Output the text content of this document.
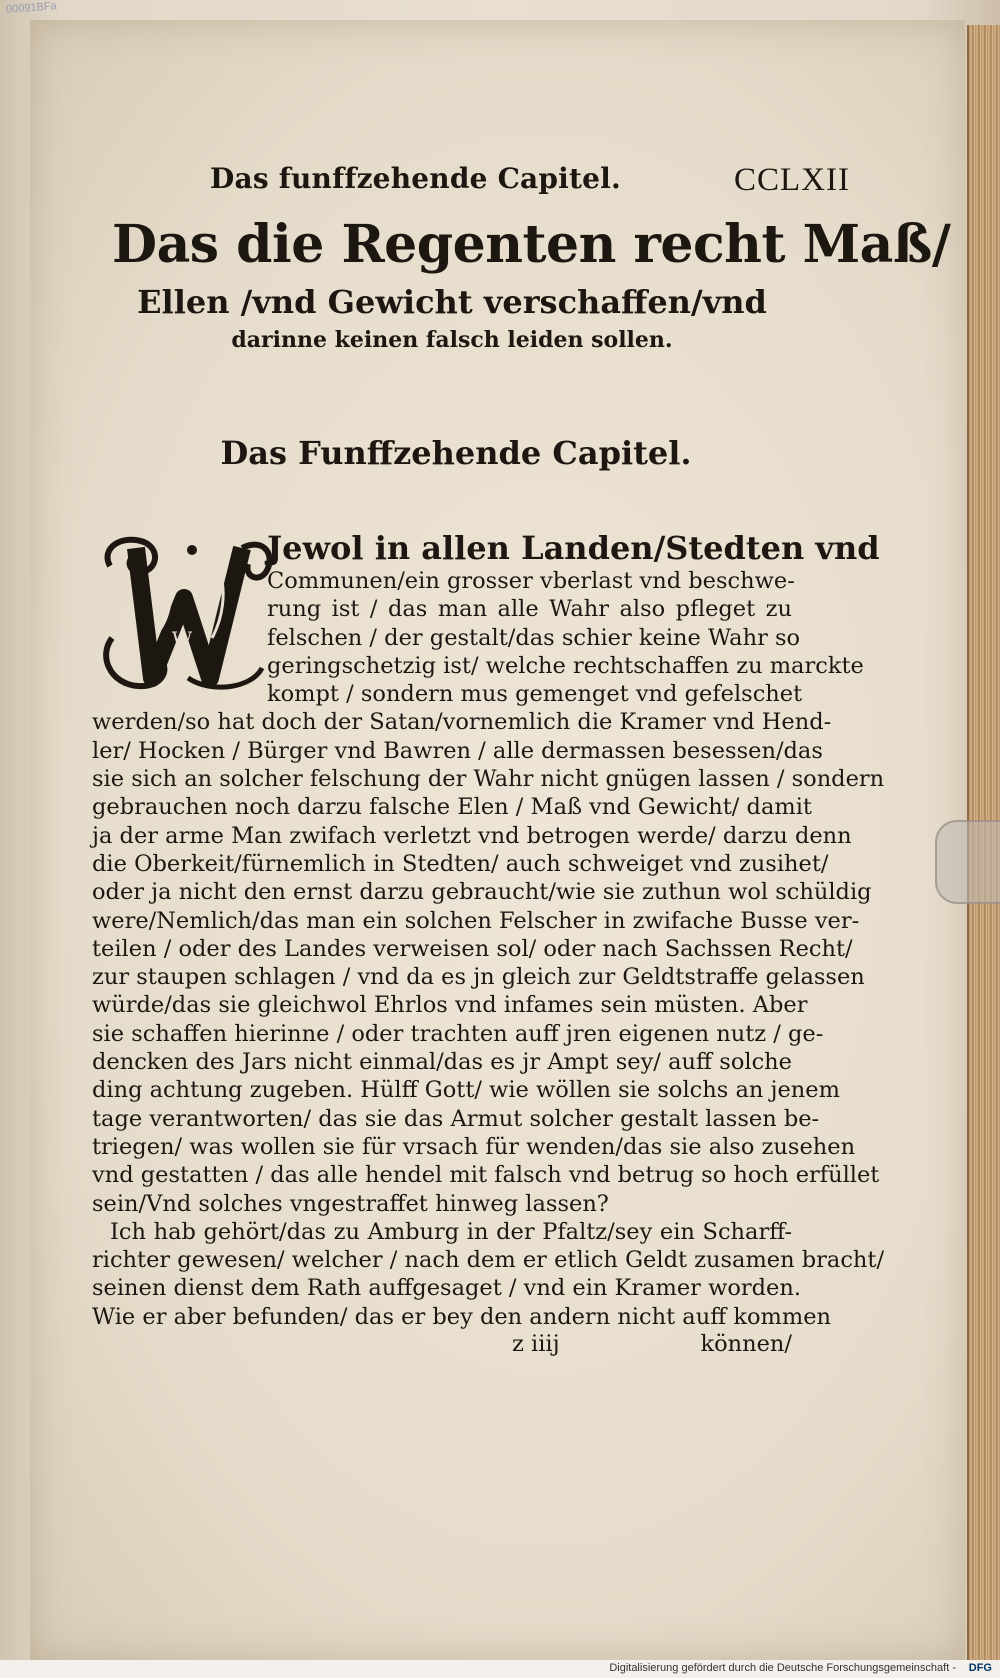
00091BFa
Das funffzehende Capitel.	CCLXII
Das die Regenten recht Maß/
Ellen /vnd Gewicht verschaffen/vnd
darinne keinen falsch leiden sollen.
Das Funffzehende Capitel.
W
Jewol in allen Landen/Stedten vnd
Communen/ein grosser vberlast vnd beschwe-
rung ist / das man alle Wahr also pfleget zu
felschen / der gestalt/das schier keine Wahr so
geringschetzig ist/ welche rechtschaffen zu marckte
kompt / sondern mus gemenget vnd gefelschet
werden/so hat doch der Satan/vornemlich die Kramer vnd Hend-
ler/ Hocken / Bürger vnd Bawren / alle dermassen besessen/das
sie sich an solcher felschung der Wahr nicht gnügen lassen / sondern
gebrauchen noch darzu falsche Elen / Maß vnd Gewicht/ damit
ja der arme Man zwifach verletzt vnd betrogen werde/ darzu denn
die Oberkeit/fürnemlich in Stedten/ auch schweiget vnd zusihet/
oder ja nicht den ernst darzu gebraucht/wie sie zuthun wol schüldig
were/Nemlich/das man ein solchen Felscher in zwifache Busse ver-
teilen / oder des Landes verweisen sol/ oder nach Sachssen Recht/
zur staupen schlagen / vnd da es jn gleich zur Geldtstraffe gelassen
würde/das sie gleichwol Ehrlos vnd infames sein müsten. Aber
sie schaffen hierinne / oder trachten auff jren eigenen nutz / ge-
dencken des Jars nicht einmal/das es jr Ampt sey/ auff solche
ding achtung zugeben. Hülff Gott/ wie wöllen sie solchs an jenem
tage verantworten/ das sie das Armut solcher gestalt lassen be-
triegen/ was wollen sie für vrsach für wenden/das sie also zusehen
vnd gestatten / das alle hendel mit falsch vnd betrug so hoch erfüllet
sein/Vnd solches vngestraffet hinweg lassen?
Ich hab gehört/das zu Amburg in der Pfaltz/sey ein Scharff-
richter gewesen/ welcher / nach dem er etlich Geldt zusamen bracht/
seinen dienst dem Rath auffgesaget / vnd ein Kramer worden.
Wie er aber befunden/ das er bey den andern nicht auff kommen
z iiij	können/
Digitalisierung gefördert durch die Deutsche Forschungsgemeinschaft - DFG
